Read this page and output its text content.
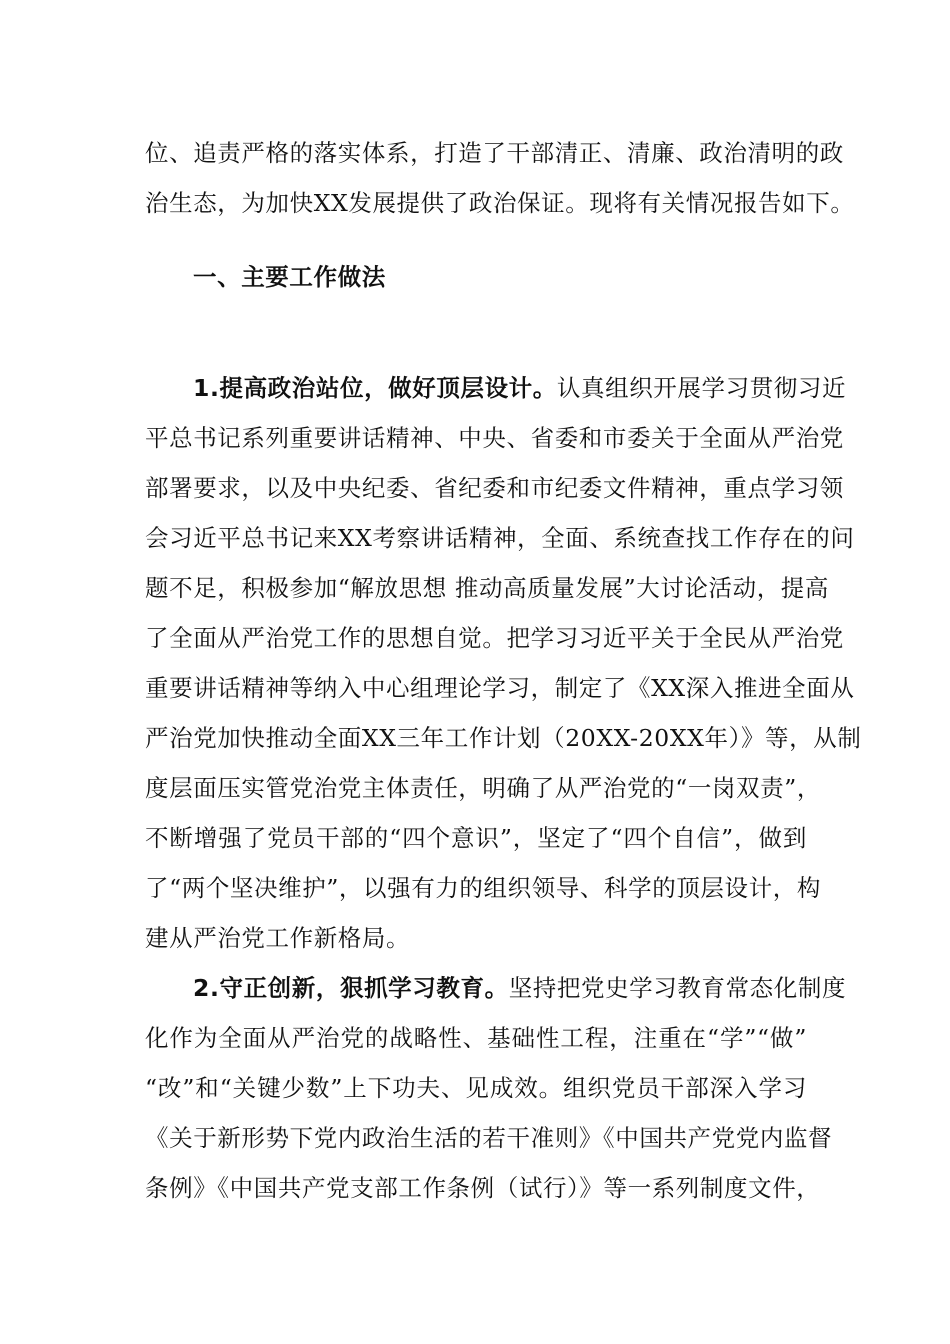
位、追责严格的落实体系，打造了干部清正、清廉、政治清明的政
治生态，为加快XX发展提供了政治保证。现将有关情况报告如下。
一、主要工作做法
1.提高政治站位，做好顶层设计。认真组织开展学习贯彻习近
平总书记系列重要讲话精神、中央、省委和市委关于全面从严治党
部署要求，以及中央纪委、省纪委和市纪委文件精神，重点学习领
会习近平总书记来XX考察讲话精神，全面、系统查找工作存在的问
题不足，积极参加“解放思想 推动高质量发展”大讨论活动，提高
了全面从严治党工作的思想自觉。把学习习近平关于全民从严治党
重要讲话精神等纳入中心组理论学习，制定了《XX深入推进全面从
严治党加快推动全面XX三年工作计划（20XX-20XX年）》等，从制
度层面压实管党治党主体责任，明确了从严治党的“一岗双责”，
不断增强了党员干部的“四个意识”，坚定了“四个自信”，做到
了“两个坚决维护”，以强有力的组织领导、科学的顶层设计，构
建从严治党工作新格局。
2.守正创新，狠抓学习教育。坚持把党史学习教育常态化制度
化作为全面从严治党的战略性、基础性工程，注重在“学”“做”
“改”和“关键少数”上下功夫、见成效。组织党员干部深入学习
《关于新形势下党内政治生活的若干准则》《中国共产党党内监督
条例》《中国共产党支部工作条例（试行）》等一系列制度文件，
